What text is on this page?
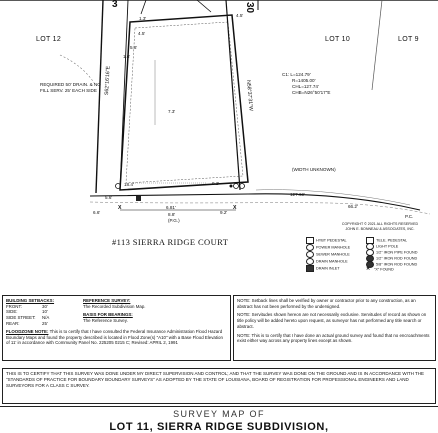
LOT 12	LOT 10	LOT 9
3	30
S62°16'16"E	N58°37'31"W
C1: L=124.79'
R=1405.00'
CHL=127.74'
CHB=N26°50'17"E
REQUIRED 50' DRAIN. & NO FILL SERV. 25' EACH SIDE
1.3'
7.3'
4.5'
4.5'
5.6'
1.6'
18.4'	9.2'
6.6'
5.6'
8.8'	9.2'
127.60'
66.2'
6.81'
(P.G.)
P.C.
X	X
(WIDTH UNKNOWN)
COPYRIGHT © 2021 ALL RIGHTS RESERVED JOHN E. BONNEAU & ASSOCIATES, INC.
#113 SIERRA RIDGE COURT	HYBT PEDESTAL
POWER MANHOLE
SEWER MANHOLE
DRAIN MANHOLE
DRAIN INLET
TELE. PEDESTAL
LIGHT POLE
1/2" IRON PIPE FOUND
1/2" IRON ROD FOUND
5/8" IRON ROD FOUND
✕ "X" FOUND
BUILDING SETBACKS:
FRONT:	30'
SIDE:	10'
SIDE STREET: N/A
REAR:	25'
REFERENCE SURVEY:
The Recorded Subdivision Map.
BASIS FOR BEARINGS:
The Reference Survey.
FLOODZONE NOTE: This is to certify that I have consulted the Federal Insurance Administration Flood Hazard Boundary Maps and found the property described is located in Flood Zone(s) "A10" with a Base Flood Elevation of 11' in accordance with Community Panel No. 225205 0215 C; Revised: APRIL 2, 1991
NOTE: Setback lines shall be verified by owner or contractor prior to any construction, as an abstract has not been performed by the undersigned.
NOTE: Servitudes shown hereon are not necessarily exclusive. Servitudes of record as shown on title policy will be added hereto upon request, as surveyor has not performed any title search or abstract.
NOTE: This is to certify that I have done an actual ground survey and found that no encroachments exist either way across any property lines except as shown.
THIS IS TO CERTIFY THAT THIS SURVEY WAS DONE UNDER MY DIRECT SUPERVISION AND CONTROL; AND THAT THE SURVEY WAS DONE ON THE GROUND AND IS IN ACCORDANCE WITH THE "STANDARDS OF PRACTICE FOR BOUNDARY BOUNDARY SURVEYS" AS ADOPTED BY THE STATE OF LOUISIANA, BOARD OF REGISTRATION FOR PROFESSIONAL ENGINEERS AND LAND SURVEYORS FOR A CLASS C SURVEY.
SURVEY MAP OF
LOT 11, SIERRA RIDGE SUBDIVISION,
